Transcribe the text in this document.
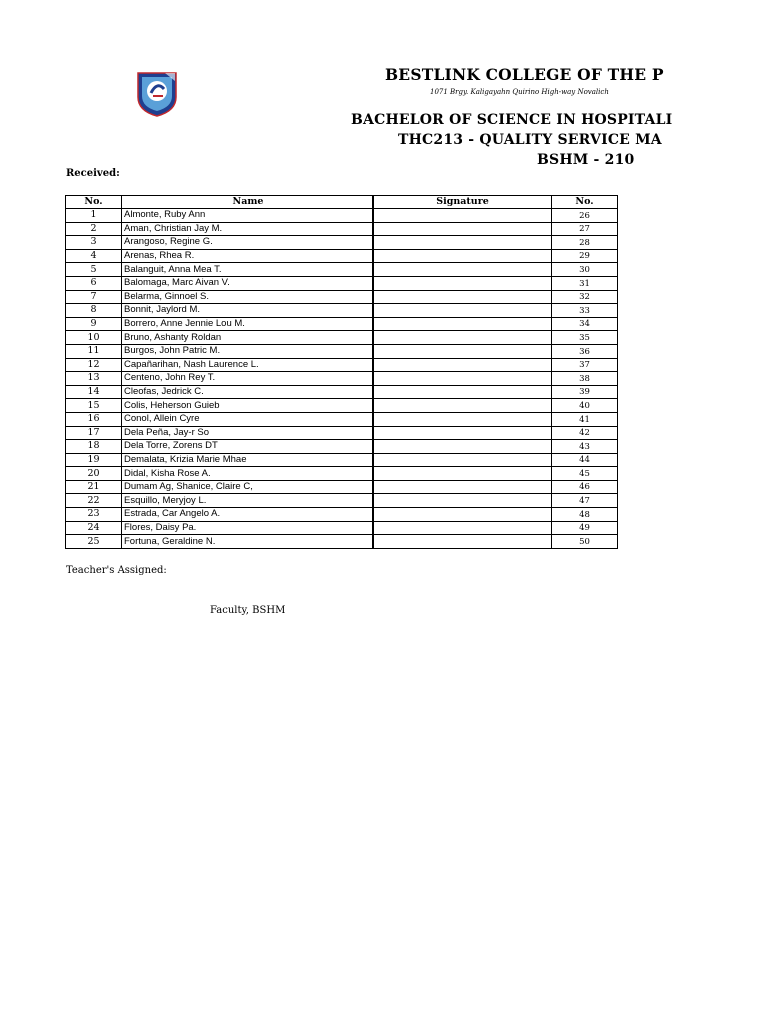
BESTLINK COLLEGE OF THE P
1071 Brgy. Kaligayahn Quirino High-way Novalich
BACHELOR OF SCIENCE IN HOSPITALI
THC213 - QUALITY SERVICE MA
BSHM - 210
Received:
No.	Name		Signature	No.
1	Almonte, Ruby Ann			26
2	Aman, Christian Jay M.			27
3	Arangoso, Regine G.			28
4	Arenas, Rhea R.			29
5	Balanguit, Anna Mea T.			30
6	Balomaga, Marc Aivan V.			31
7	Belarma, Ginnoel S.			32
8	Bonnit, Jaylord M.			33
9	Borrero, Anne Jennie Lou M.			34
10	Bruno, Ashanty Roldan			35
11	Burgos, John Patric M.			36
12	Capañarihan, Nash Laurence L.			37
13	Centeno, John Rey T.			38
14	Cleofas, Jedrick C.			39
15	Colis, Heherson Guieb			40
16	Conol, Allein Cyre			41
17	Dela Peña, Jay-r So			42
18	Dela Torre, Zorens DT			43
19	Demalata, Krizia Marie Mhae			44
20	Didal, Kisha Rose A.			45
21	Dumam Ag, Shanice, Claire C,			46
22	Esquillo, Meryjoy L.			47
23	Estrada, Car Angelo A.			48
24	Flores, Daisy Pa.			49
25	Fortuna, Geraldine N.			50
Teacher's Assigned:
Faculty, BSHM
